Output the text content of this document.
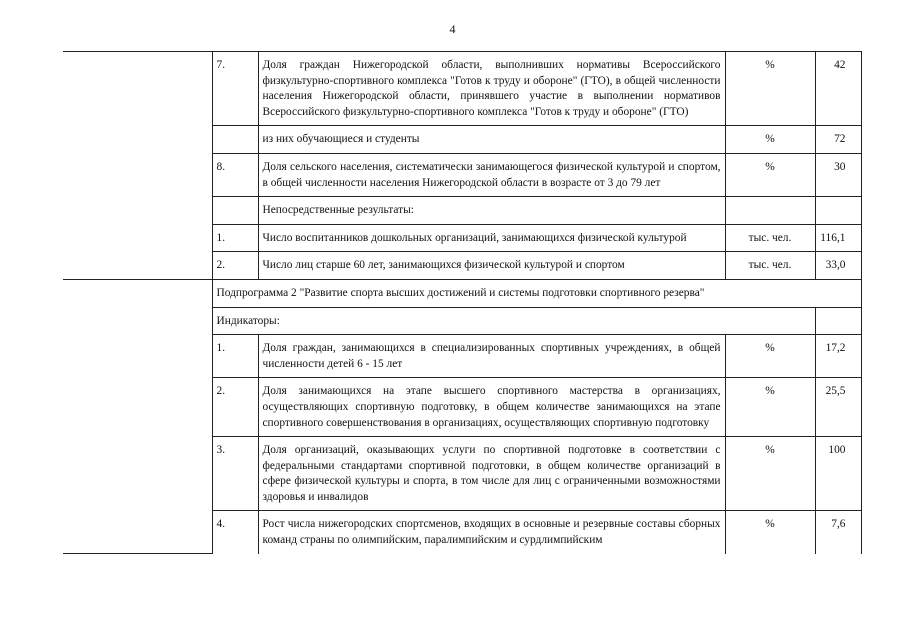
4
	7.	Доля граждан Нижегородской области, выполнивших нормативы Всероссийского физкультурно-спортивного комплекса "Готов к труду и обороне" (ГТО), в общей численности населения Нижегородской области, принявшего участие в выполнении нормативов Всероссийского физкультурно-спортивного комплекса "Готов к труду и обороне" (ГТО)	%	42
		из них обучающиеся и студенты	%	72
	8.	Доля сельского населения, систематически занимающегося физической культурой и спортом, в общей численности населения Нижегородской области в возрасте от 3 до 79 лет	%	30
		Непосредственные результаты:		
	1.	Число воспитанников дошкольных организаций, занимающихся физической культурой	тыс. чел.	116,1
	2.	Число лиц старше 60 лет, занимающихся физической культурой и спортом	тыс. чел.	33,0
	Подпрограмма 2 "Развитие спорта высших достижений и системы подготовки спортивного резерва"			
	Индикаторы:			
	1.	Доля граждан, занимающихся в специализированных спортивных учреждениях, в общей численности детей 6 - 15 лет	%	17,2
	2.	Доля занимающихся на этапе высшего спортивного мастерства в организациях, осуществляющих спортивную подготовку, в общем количестве занимающихся на этапе спортивного совершенствования в организациях, осуществляющих спортивную подготовку	%	25,5
	3.	Доля организаций, оказывающих услуги по спортивной подготовке в соответствии с федеральными стандартами спортивной подготовки, в общем количестве организаций в сфере физической культуры и спорта, в том числе для лиц с ограниченными возможностями здоровья и инвалидов	%	100
	4.	Рост числа нижегородских спортсменов, входящих в основные и резервные составы сборных команд страны по олимпийским, паралимпийским и сурдлимпийским	%	7,6
